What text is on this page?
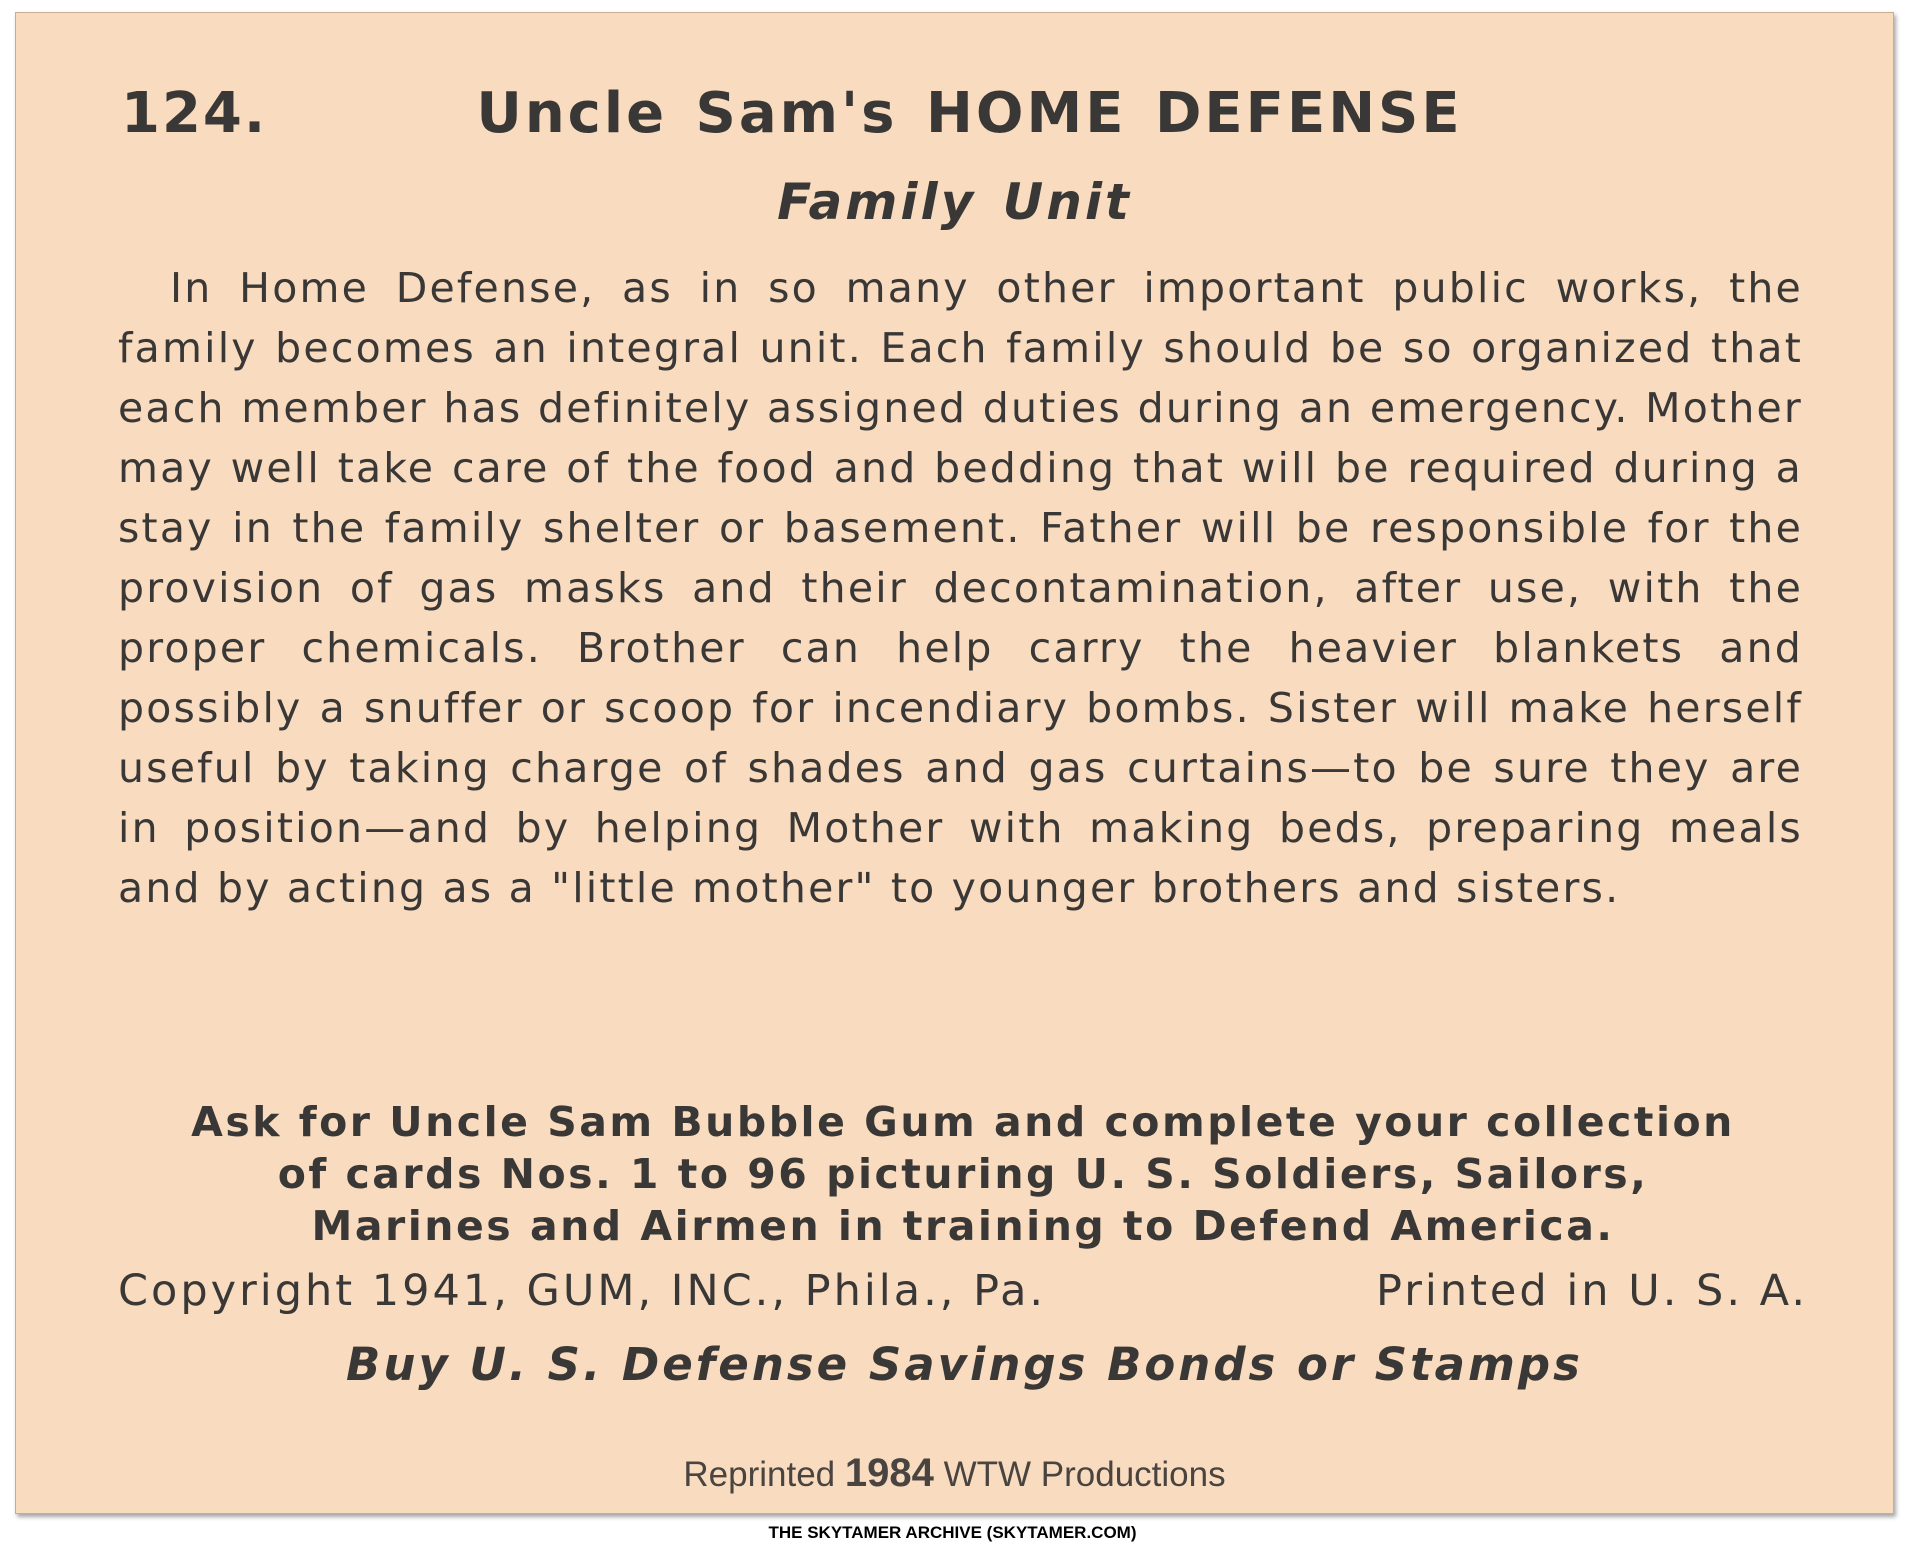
124.	Uncle Sam's HOME DEFENSE
Family Unit

In Home Defense, as in so many other important public works, the family becomes an integral unit. Each family should be so organized that each member has definitely assigned duties during an emergency. Mother may well take care of the food and bedding that will be required during a stay in the family shelter or basement. Father will be responsible for the provision of gas masks and their decontamination, after use, with the proper chemicals. Brother can help carry the heavier blankets and possibly a snuffer or scoop for incendiary bombs. Sister will make herself useful by taking charge of shades and gas curtains—to be sure they are in position—and by helping Mother with making beds, preparing meals and by acting as a "little mother" to younger brothers and sisters.

Ask for Uncle Sam Bubble Gum and complete your collection
of cards Nos. 1 to 96 picturing U. S. Soldiers, Sailors,
Marines and Airmen in training to Defend America.
Copyright 1941, GUM, INC., Phila., Pa.	Printed in U. S. A.
Buy U. S. Defense Savings Bonds or Stamps
Reprinted 1984 WTW Productions
THE SKYTAMER ARCHIVE (SKYTAMER.COM)
